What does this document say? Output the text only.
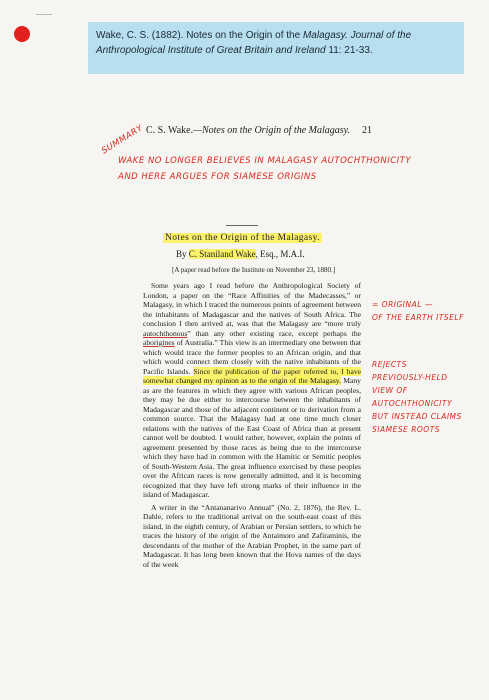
Wake, C. S. (1882). Notes on the Origin of the Malagasy. Journal of the Anthropological Institute of Great Britain and Ireland 11: 21-33.
C. S. Wake.—Notes on the Origin of the Malagasy. 21
SUMMARY
WAKE NO LONGER BELIEVES IN MALAGASY AUTOCHTHONICITY
AND HERE ARGUES FOR SIAMESE ORIGINS
= ORIGINAL —
OF THE EARTH ITSELF
REJECTS
PREVIOUSLY-HELD
VIEW OF
AUTOCHTHONICITY
BUT INSTEAD CLAIMS
SIAMESE ROOTS
Notes on the Origin of the Malagasy.
By C. Staniland Wake, Esq., M.A.I.
[A paper read before the Institute on November 23, 1880.]

Some years ago I read before the Anthropological Society of London, a paper on the “Race Affinities of the Madecasses,” or Malagasy, in which I traced the numerous points of agreement between the inhabitants of Madagascar and the natives of South Africa. The conclusion I then arrived at, was that the Malagasy are “more truly autochthonous” than any other existing race, except perhaps the aborigines of Australia.” This view is an intermediary one between that which would trace the former peoples to an African origin, and that which would connect them closely with the native inhabitants of the Pacific Islands. Since the publication of the paper referred to, I have somewhat changed my opinion as to the origin of the Malagasy. Many as are the features in which they agree with various African peoples, they may be due either to intercourse between the inhabitants of Madagascar and those of the adjacent continent or to derivation from a common source. That the Malagasy had at one time much closer relations with the natives of the East Coast of Africa than at present cannot well be doubted. I would rather, however, explain the points of agreement presented by those races as being due to the intercourse which they have had in common with the Hamitic or Semitic peoples of South-Western Asia. The great influence exercised by these peoples over the African races is now generally admitted, and it is becoming recognized that they have left strong marks of their influence in the island of Madagascar.

A writer in the “Antananarivo Annual” (No. 2, 1876), the Rev. L. Dahle, refers to the traditional arrival on the south-east coast of this island, in the eighth century, of Arabian or Persian settlers, to which he traces the history of the origin of the Antaimoro and Zafiraminis, the descendants of the mother of the Arabian Prophet, in the same part of Madagascar. It has long been known that the Hova names of the days of the week
